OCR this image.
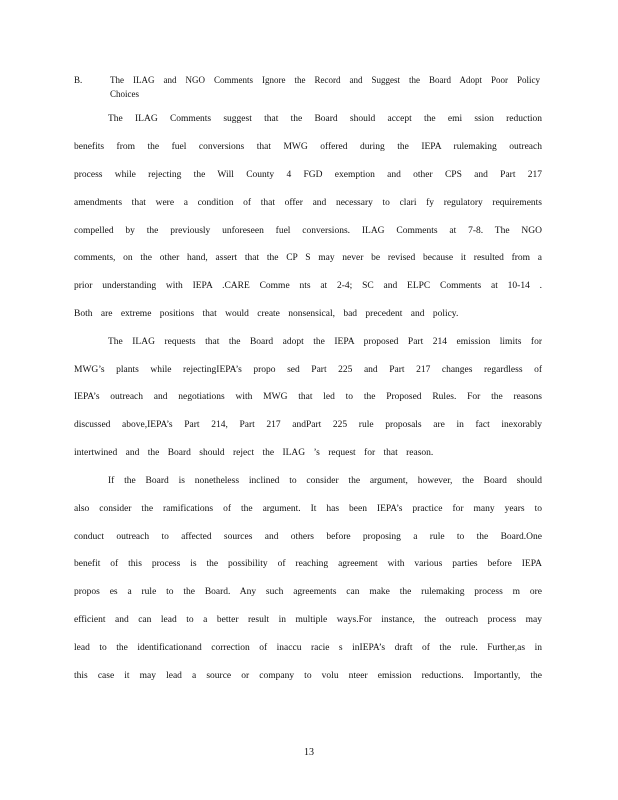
B.	The ILAG and NGO Comments Ignore the Record and Suggest the Board Adopt Poor Policy Choices
The ILAG Comments suggest that the Board should accept the emi ssion reduction
benefits from the fuel conversions that MWG offered during the IEPA rulemaking outreach
process while rejecting the Will County 4 FGD exemption and other CPS and Part 217
amendments that were a condition of that offer and necessary to clari fy regulatory requirements
compelled by the previously unforeseen fuel conversions. ILAG Comments at 7-8. The NGO
comments, on the other hand, assert that the CP S may never be revised because it resulted from a
prior understanding with IEPA .CARE Comme nts at 2-4; SC and ELPC Comments at 10-14 .
Both are extreme positions that would create nonsensical, bad precedent and policy.
The ILAG requests that the Board adopt the IEPA proposed Part 214 emission limits for
MWG’s plants while rejectingIEPA’s propo sed Part 225 and Part 217 changes regardless of
IEPA’s outreach and negotiations with MWG that led to the Proposed Rules. For the reasons
discussed above,IEPA’s Part 214, Part 217 andPart 225 rule proposals are in fact inexorably
intertwined and the Board should reject the ILAG ’s request for that reason.
If the Board is nonetheless inclined to consider the argument, however, the Board should
also consider the ramifications of the argument. It has been IEPA’s practice for many years to
conduct outreach to affected sources and others before proposing a rule to the Board.One
benefit of this process is the possibility of reaching agreement with various parties before IEPA
propos es a rule to the Board. Any such agreements can make the rulemaking process m ore
efficient and can lead to a better result in multiple ways.For instance, the outreach process may
lead to the identificationand correction of inaccu racie s inIEPA’s draft of the rule. Further,as in
this case it may lead a source or company to volu nteer emission reductions. Importantly, the
13
